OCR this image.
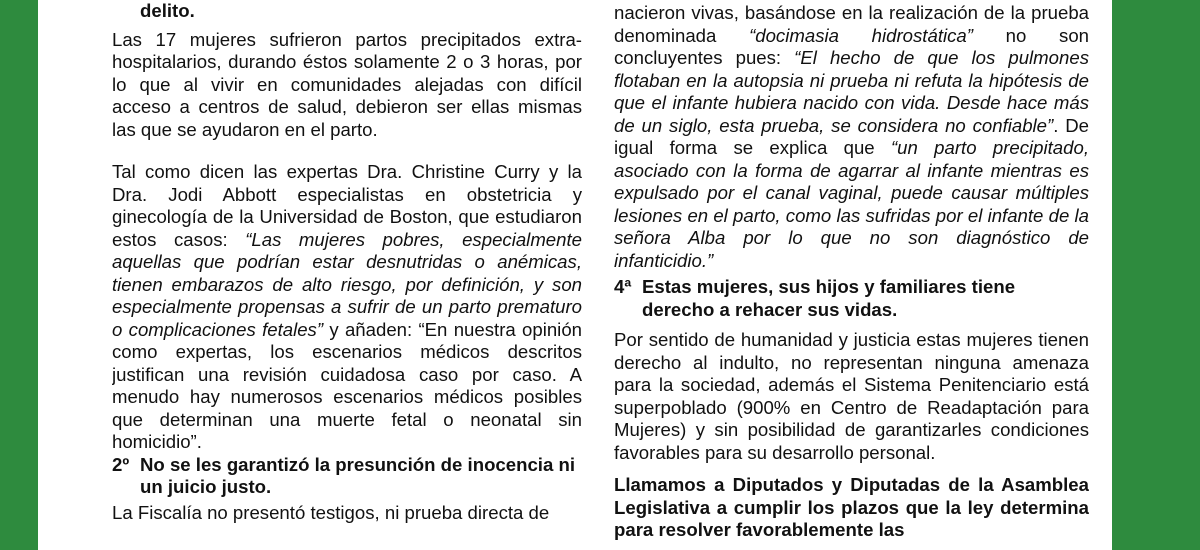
delito.

Las 17 mujeres sufrieron partos precipitados extra-hospitalarios, durando éstos solamente 2 o 3 horas, por lo que al vivir en comunidades alejadas con difícil acceso a centros de salud, debieron ser ellas mismas las que se ayudaron en el parto.

Tal como dicen las expertas Dra. Christine Curry y la Dra. Jodi Abbott especialistas en obstetricia y ginecología de la Universidad de Boston, que estudiaron estos casos: “Las mujeres pobres, especialmente aquellas que podrían estar desnutridas o anémicas, tienen embarazos de alto riesgo, por definición, y son especialmente propensas a sufrir de un parto prematuro o complicaciones fetales” y añaden: “En nuestra opinión como expertas, los escenarios médicos descritos justifican una revisión cuidadosa caso por caso. A menudo hay numerosos escenarios médicos posibles que determinan una muerte fetal o neonatal sin homicidio”.

2º No se les garantizó la presunción de inocencia ni un juicio justo.

La Fiscalía no presentó testigos, ni prueba directa de

nacieron vivas, basándose en la realización de la prueba denominada “docimasia hidrostática” no son concluyentes pues: “El hecho de que los pulmones flotaban en la autopsia ni prueba ni refuta la hipótesis de que el infante hubiera nacido con vida. Desde hace más de un siglo, esta prueba, se considera no confiable”. De igual forma se explica que “un parto precipitado, asociado con la forma de agarrar al infante mientras es expulsado por el canal vaginal, puede causar múltiples lesiones en el parto, como las sufridas por el infante de la señora Alba por lo que no son diagnóstico de infanticidio.”

4ª Estas mujeres, sus hijos y familiares tiene derecho a rehacer sus vidas.

Por sentido de humanidad y justicia estas mujeres tienen derecho al indulto, no representan ninguna amenaza para la sociedad, además el Sistema Penitenciario está superpoblado (900% en Centro de Readaptación para Mujeres) y sin posibilidad de garantizarles condiciones favorables para su desarrollo personal.

Llamamos a Diputados y Diputadas de la Asamblea Legislativa a cumplir los plazos que la ley determina para resolver favorablemente las
